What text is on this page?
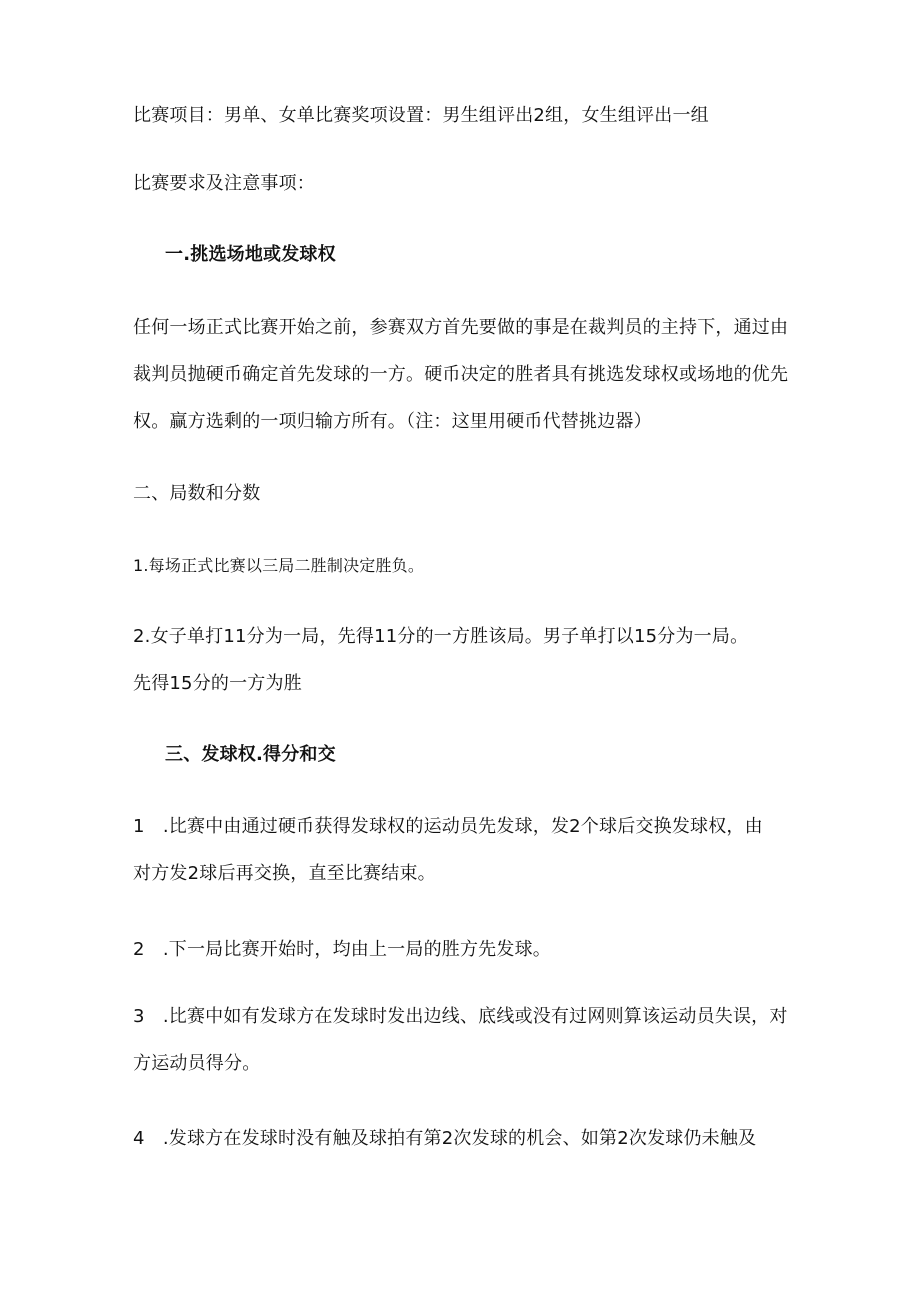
比赛项目：男单、女单比赛奖项设置：男生组评出2组，女生组评出一组
比赛要求及注意事项：
一.挑选场地或发球权
任何一场正式比赛开始之前，参赛双方首先要做的事是在裁判员的主持下，通过由
裁判员抛硬币确定首先发球的一方。硬币决定的胜者具有挑选发球权或场地的优先
权。赢方选剩的一项归输方所有。（注：这里用硬币代替挑边器）
二、局数和分数
1.每场正式比赛以三局二胜制决定胜负。
2.女子单打11分为一局，先得11分的一方胜该局。男子单打以15分为一局。
先得15分的一方为胜
三、发球权.得分和交
1　.比赛中由通过硬币获得发球权的运动员先发球，发2个球后交换发球权，由
对方发2球后再交换，直至比赛结束。
2　.下一局比赛开始时，均由上一局的胜方先发球。
3　.比赛中如有发球方在发球时发出边线、底线或没有过网则算该运动员失误，对
方运动员得分。
4　.发球方在发球时没有触及球拍有第2次发球的机会、如第2次发球仍未触及
